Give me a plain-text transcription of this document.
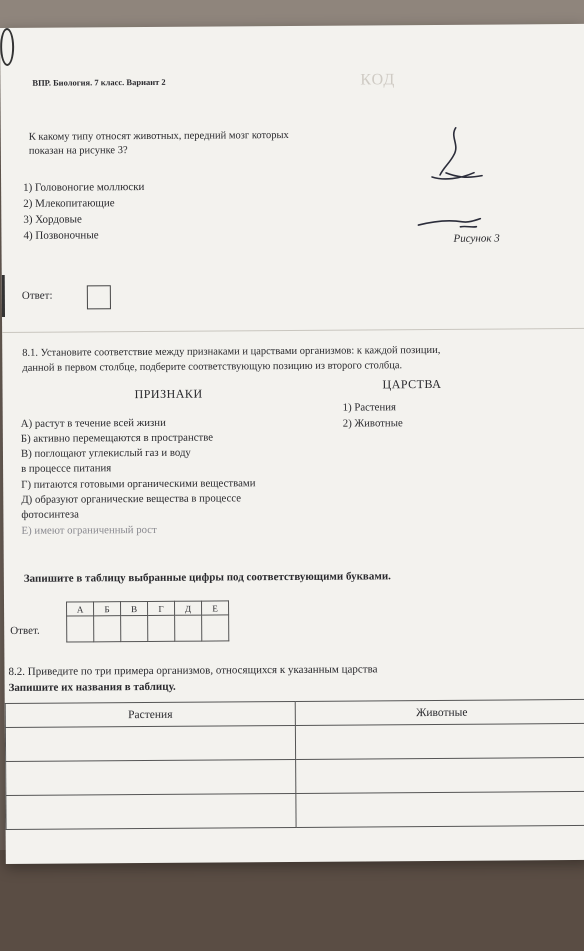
ВПР. Биология. 7 класс. Вариант 2	КОД
К какому типу относят животных, передний мозг которых
показан на рисунке 3?
1) Головоногие моллюски
2) Млекопитающие
3) Хордовые
4) Позвоночные	Рисунок 3
Ответ:
8.1. Установите соответствие между признаками и царствами организмов: к каждой позиции,
данной в первом столбце, подберите соответствующую позицию из второго столбца.
ПРИЗНАКИ
ЦАРСТВА
А) растут в течение всей жизни
Б) активно перемещаются в пространстве
В) поглощают углекислый газ и воду
в процессе питания
Г) питаются готовыми органическими веществами
Д) образуют органические вещества в процессе
фотосинтеза
Е) имеют ограниченный рост
1) Растения
2) Животные
Запишите в таблицу выбранные цифры под соответствующими буквами.
Ответ.
А	Б	В	Г	Д	Е

8.2. Приведите по три примера организмов, относящихся к указанным царства
Запишите их названия в таблицу.
Растения	Животные
